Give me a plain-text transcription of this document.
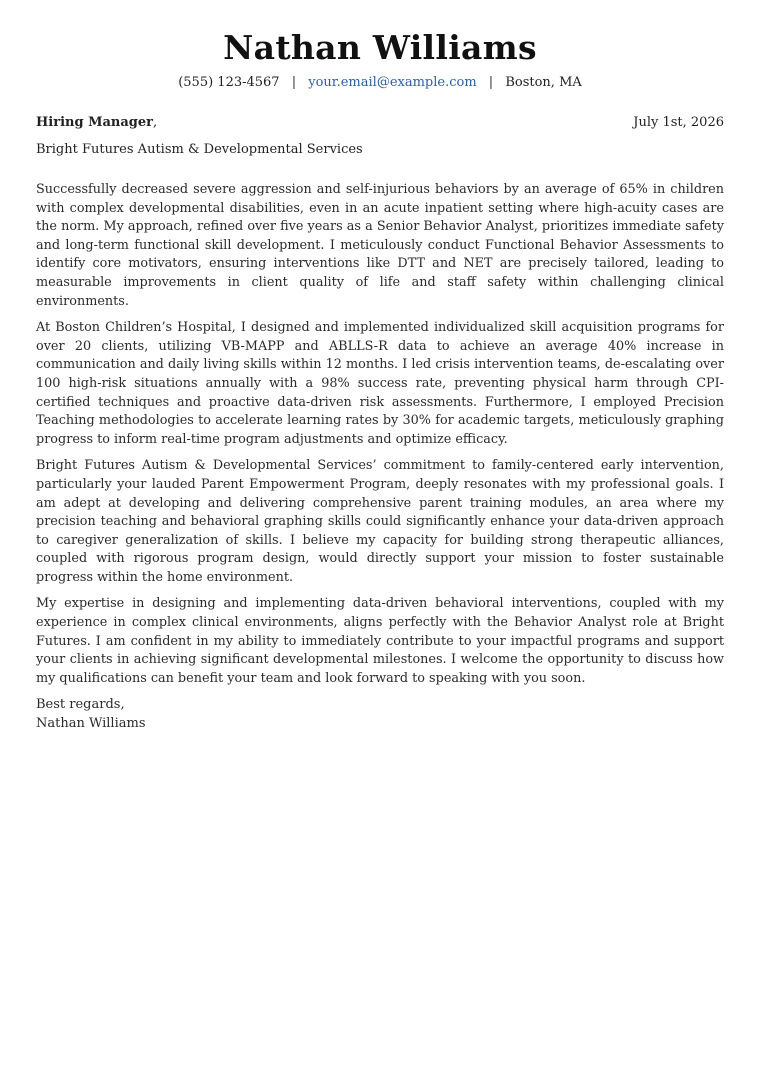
Nathan Williams
(555) 123-4567 | your.email@example.com | Boston, MA
Hiring Manager,	July 1st, 2026
Bright Futures Autism & Developmental Services

Successfully decreased severe aggression and self-injurious behaviors by an average of 65% in children with complex developmental disabilities, even in an acute inpatient setting where high-acuity cases are the norm. My approach, refined over five years as a Senior Behavior Analyst, prioritizes immediate safety and long-term functional skill development. I meticulously conduct Functional Behavior Assessments to identify core motivators, ensuring interventions like DTT and NET are precisely tailored, leading to measurable improvements in client quality of life and staff safety within challenging clinical environments.

At Boston Children’s Hospital, I designed and implemented individualized skill acquisition programs for over 20 clients, utilizing VB-MAPP and ABLLS-R data to achieve an average 40% increase in communication and daily living skills within 12 months. I led crisis intervention teams, de-escalating over 100 high-risk situations annually with a 98% success rate, preventing physical harm through CPI-certified techniques and proactive data-driven risk assessments. Furthermore, I employed Precision Teaching methodologies to accelerate learning rates by 30% for academic targets, meticulously graphing progress to inform real-time program adjustments and optimize efficacy.

Bright Futures Autism & Developmental Services’ commitment to family-centered early intervention, particularly your lauded Parent Empowerment Program, deeply resonates with my professional goals. I am adept at developing and delivering comprehensive parent training modules, an area where my precision teaching and behavioral graphing skills could significantly enhance your data-driven approach to caregiver generalization of skills. I believe my capacity for building strong therapeutic alliances, coupled with rigorous program design, would directly support your mission to foster sustainable progress within the home environment.

My expertise in designing and implementing data-driven behavioral interventions, coupled with my experience in complex clinical environments, aligns perfectly with the Behavior Analyst role at Bright Futures. I am confident in my ability to immediately contribute to your impactful programs and support your clients in achieving significant developmental milestones. I welcome the opportunity to discuss how my qualifications can benefit your team and look forward to speaking with you soon.

Best regards,
Nathan Williams
